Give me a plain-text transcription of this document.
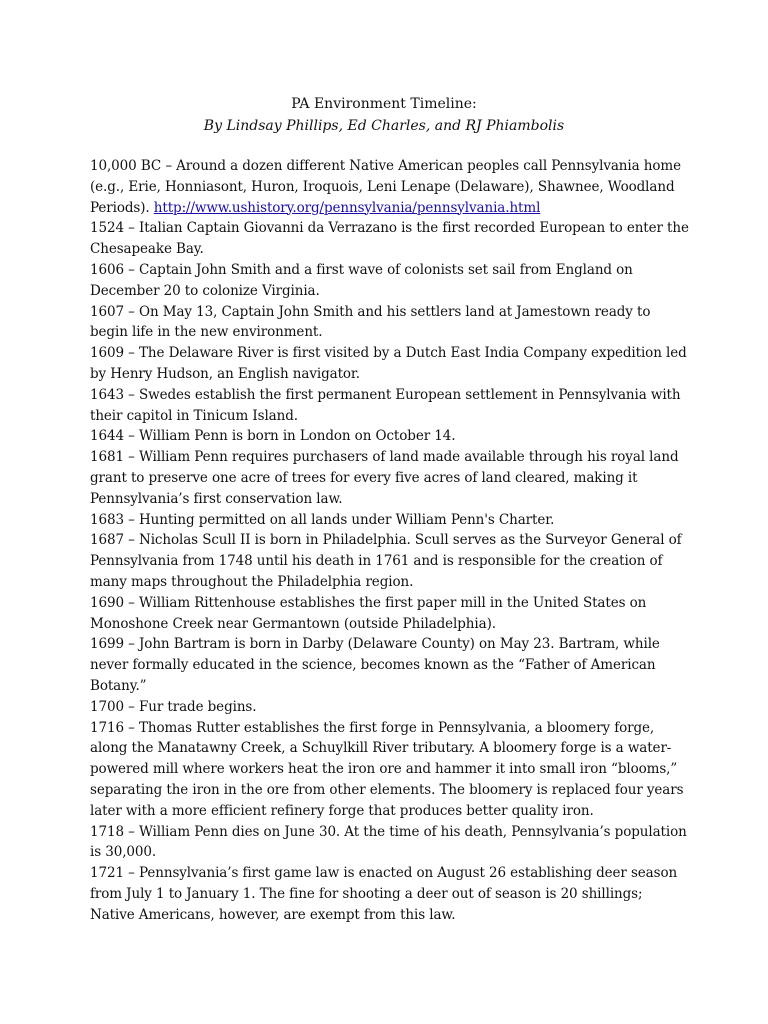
PA Environment Timeline:
By Lindsay Phillips, Ed Charles, and RJ Phiambolis

10,000 BC – Around a dozen different Native American peoples call Pennsylvania home (e.g., Erie, Honniasont, Huron, Iroquois, Leni Lenape (Delaware), Shawnee, Woodland Periods). http://www.ushistory.org/pennsylvania/pennsylvania.html

1524 – Italian Captain Giovanni da Verrazano is the first recorded European to enter the Chesapeake Bay.

1606 – Captain John Smith and a first wave of colonists set sail from England on December 20 to colonize Virginia.

1607 – On May 13, Captain John Smith and his settlers land at Jamestown ready to begin life in the new environment.

1609 – The Delaware River is first visited by a Dutch East India Company expedition led by Henry Hudson, an English navigator.

1643 – Swedes establish the first permanent European settlement in Pennsylvania with their capitol in Tinicum Island.

1644 – William Penn is born in London on October 14.

1681 – William Penn requires purchasers of land made available through his royal land grant to preserve one acre of trees for every five acres of land cleared, making it Pennsylvania’s first conservation law.

1683 – Hunting permitted on all lands under William Penn's Charter.

1687 – Nicholas Scull II is born in Philadelphia. Scull serves as the Surveyor General of Pennsylvania from 1748 until his death in 1761 and is responsible for the creation of many maps throughout the Philadelphia region.

1690 – William Rittenhouse establishes the first paper mill in the United States on Monoshone Creek near Germantown (outside Philadelphia).

1699 – John Bartram is born in Darby (Delaware County) on May 23. Bartram, while never formally educated in the science, becomes known as the “Father of American Botany.”

1700 – Fur trade begins.

1716 – Thomas Rutter establishes the first forge in Pennsylvania, a bloomery forge, along the Manatawny Creek, a Schuylkill River tributary. A bloomery forge is a water-powered mill where workers heat the iron ore and hammer it into small iron “blooms,” separating the iron in the ore from other elements. The bloomery is replaced four years later with a more efficient refinery forge that produces better quality iron.

1718 – William Penn dies on June 30. At the time of his death, Pennsylvania’s population is 30,000.

1721 – Pennsylvania’s first game law is enacted on August 26 establishing deer season from July 1 to January 1. The fine for shooting a deer out of season is 20 shillings; Native Americans, however, are exempt from this law.
